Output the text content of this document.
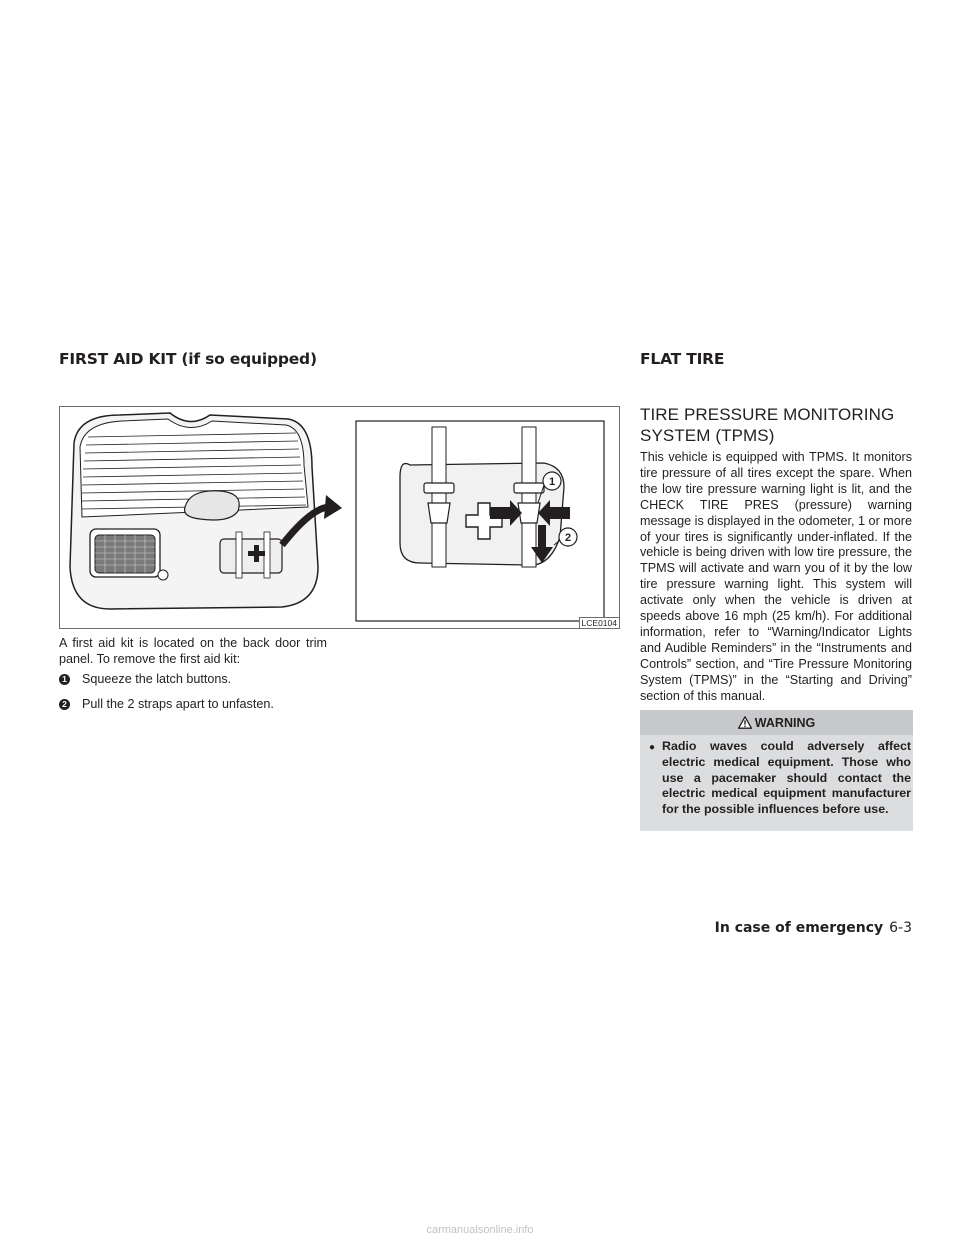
FIRST AID KIT (if so equipped)	FLAT TIRE
1
2
LCE0104
A first aid kit is located on the back door trim panel. To remove the first aid kit:
1 Squeeze the latch buttons.
2 Pull the 2 straps apart to unfasten.
TIRE PRESSURE MONITORING
SYSTEM (TPMS)
This vehicle is equipped with TPMS. It monitors tire pressure of all tires except the spare. When the low tire pressure warning light is lit, and the CHECK TIRE PRES (pressure) warning message is displayed in the odometer, 1 or more of your tires is significantly under-inflated. If the vehicle is being driven with low tire pressure, the TPMS will activate and warn you of it by the low tire pressure warning light. This system will activate only when the vehicle is driven at speeds above 16 mph (25 km/h). For additional information, refer to “Warning/Indicator Lights and Audible Reminders” in the “Instruments and Controls” section, and “Tire Pressure Monitoring System (TPMS)” in the “Starting and Driving” section of this manual.
WARNING
● Radio waves could adversely affect electric medical equipment. Those who use a pacemaker should contact the electric medical equipment manufacturer for the possible influences before use.
In case of emergency 6-3
carmanualsonline.info
